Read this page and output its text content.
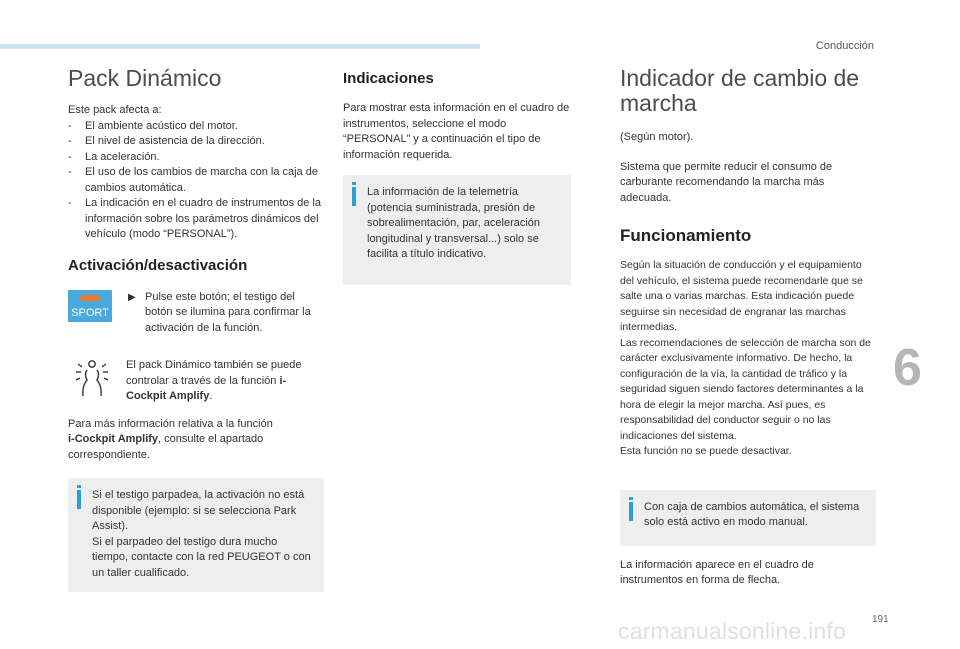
Conducción
Pack Dinámico

Este pack afecta a:

- El ambiente acústico del motor.
- El nivel de asistencia de la dirección.
- La aceleración.
- El uso de los cambios de marcha con la caja de cambios automática.
- La indicación en el cuadro de instrumentos de la información sobre los parámetros dinámicos del vehículo (modo “PERSONAL”).
Activación/desactivación
SPORT
▶ Pulse este botón; el testigo del botón se ilumina para confirmar la activación de la función.

El pack Dinámico también se puede controlar a través de la función i-Cockpit Amplify.

Para más información relativa a la función
i-Cockpit Amplify, consulte el apartado correspondiente.

Si el testigo parpadea, la activación no está disponible (ejemplo: si se selecciona Park Assist).

Si el parpadeo del testigo dura mucho tiempo, contacte con la red PEUGEOT o con un taller cualificado.

Indicaciones

Para mostrar esta información en el cuadro de instrumentos, seleccione el modo “PERSONAL” y a continuación el tipo de información requerida.

La información de la telemetría (potencia suministrada, presión de sobrealimentación, par, aceleración longitudinal y transversal...) solo se facilita a título indicativo.

Indicador de cambio de marcha

(Según motor).

Sistema que permite reducir el consumo de carburante recomendando la marcha más adecuada.

Funcionamiento

Según la situación de conducción y el equipamiento del vehículo, el sistema puede recomendarle que se salte una o varias marchas. Esta indicación puede seguirse sin necesidad de engranar las marchas intermedias.

Las recomendaciones de selección de marcha son de carácter exclusivamente informativo. De hecho, la configuración de la vía, la cantidad de tráfico y la seguridad siguen siendo factores determinantes a la hora de elegir la mejor marcha. Así pues, es responsabilidad del conductor seguir o no las indicaciones del sistema.

Esta función no se puede desactivar.

Con caja de cambios automática, el sistema solo está activo en modo manual.

La información aparece en el cuadro de instrumentos en forma de flecha.

6
191
carmanualsonline.info
